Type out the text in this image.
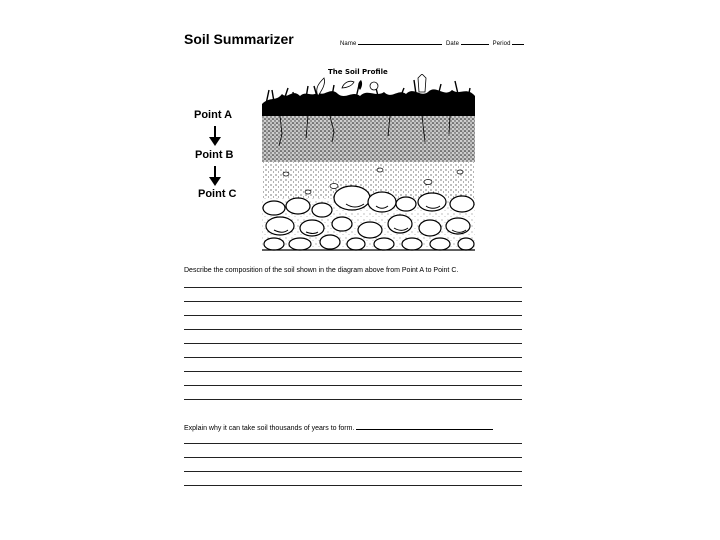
Soil Summarizer	Name	Date	Period
The Soil Profile
Point A
Point B
Point C
Describe the composition of the soil shown in the diagram above from Point A to Point C.
Explain why it can take soil thousands of years to form.
